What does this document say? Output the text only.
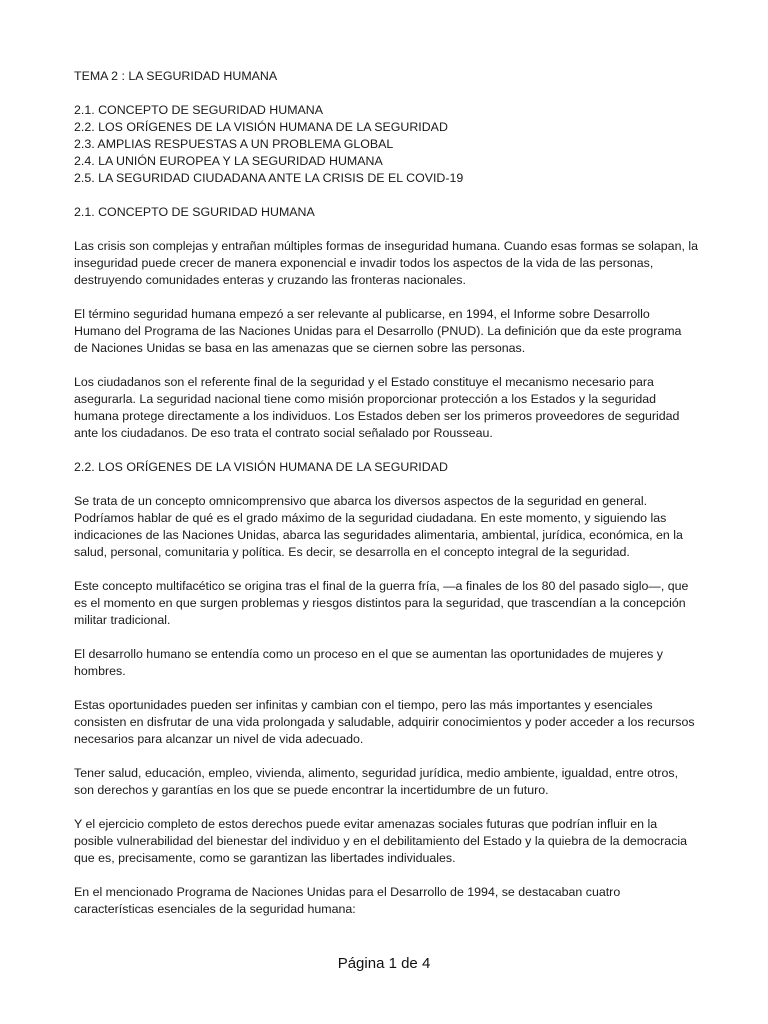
TEMA 2 : LA SEGURIDAD HUMANA
2.1. CONCEPTO DE SEGURIDAD HUMANA
2.2. LOS ORÍGENES DE LA VISIÓN HUMANA DE LA SEGURIDAD
2.3. AMPLIAS RESPUESTAS A UN PROBLEMA GLOBAL
2.4. LA UNIÓN EUROPEA Y LA SEGURIDAD HUMANA
2.5. LA SEGURIDAD CIUDADANA ANTE LA CRISIS DE EL COVID-19
2.1. CONCEPTO DE SGURIDAD HUMANA

Las crisis son complejas y entrañan múltiples formas de inseguridad humana. Cuando esas formas se solapan, la inseguridad puede crecer de manera exponencial e invadir todos los aspectos de la vida de las personas, destruyendo comunidades enteras y cruzando las fronteras nacionales.

El término seguridad humana empezó a ser relevante al publicarse, en 1994, el Informe sobre Desarrollo Humano del Programa de las Naciones Unidas para el Desarrollo (PNUD). La definición que da este programa de Naciones Unidas se basa en las amenazas que se ciernen sobre las personas.

Los ciudadanos son el referente final de la seguridad y el Estado constituye el mecanismo necesario para asegurarla. La seguridad nacional tiene como misión proporcionar protección a los Estados y la seguridad humana protege directamente a los individuos. Los Estados deben ser los primeros proveedores de seguridad ante los ciudadanos. De eso trata el contrato social señalado por Rousseau.

2.2. LOS ORÍGENES DE LA VISIÓN HUMANA DE LA SEGURIDAD

Se trata de un concepto omnicomprensivo que abarca los diversos aspectos de la seguridad en general. Podríamos hablar de qué es el grado máximo de la seguridad ciudadana. En este momento, y siguiendo las indicaciones de las Naciones Unidas, abarca las seguridades alimentaria, ambiental, jurídica, económica, en la salud, personal, comunitaria y política. Es decir, se desarrolla en el concepto integral de la seguridad.

Este concepto multifacético se origina tras el final de la guerra fría, —a finales de los 80 del pasado siglo—, que es el momento en que surgen problemas y riesgos distintos para la seguridad, que trascendían a la concepción militar tradicional.

El desarrollo humano se entendía como un proceso en el que se aumentan las oportunidades de mujeres y hombres.

Estas oportunidades pueden ser infinitas y cambian con el tiempo, pero las más importantes y esenciales consisten en disfrutar de una vida prolongada y saludable, adquirir conocimientos y poder acceder a los recursos necesarios para alcanzar un nivel de vida adecuado.

Tener salud, educación, empleo, vivienda, alimento, seguridad jurídica, medio ambiente, igualdad, entre otros, son derechos y garantías en los que se puede encontrar la incertidumbre de un futuro.

Y el ejercicio completo de estos derechos puede evitar amenazas sociales futuras que podrían influir en la posible vulnerabilidad del bienestar del individuo y en el debilitamiento del Estado y la quiebra de la democracia que es, precisamente, como se garantizan las libertades individuales.

En el mencionado Programa de Naciones Unidas para el Desarrollo de 1994, se destacaban cuatro características esenciales de la seguridad humana:

Página 1 de 4
